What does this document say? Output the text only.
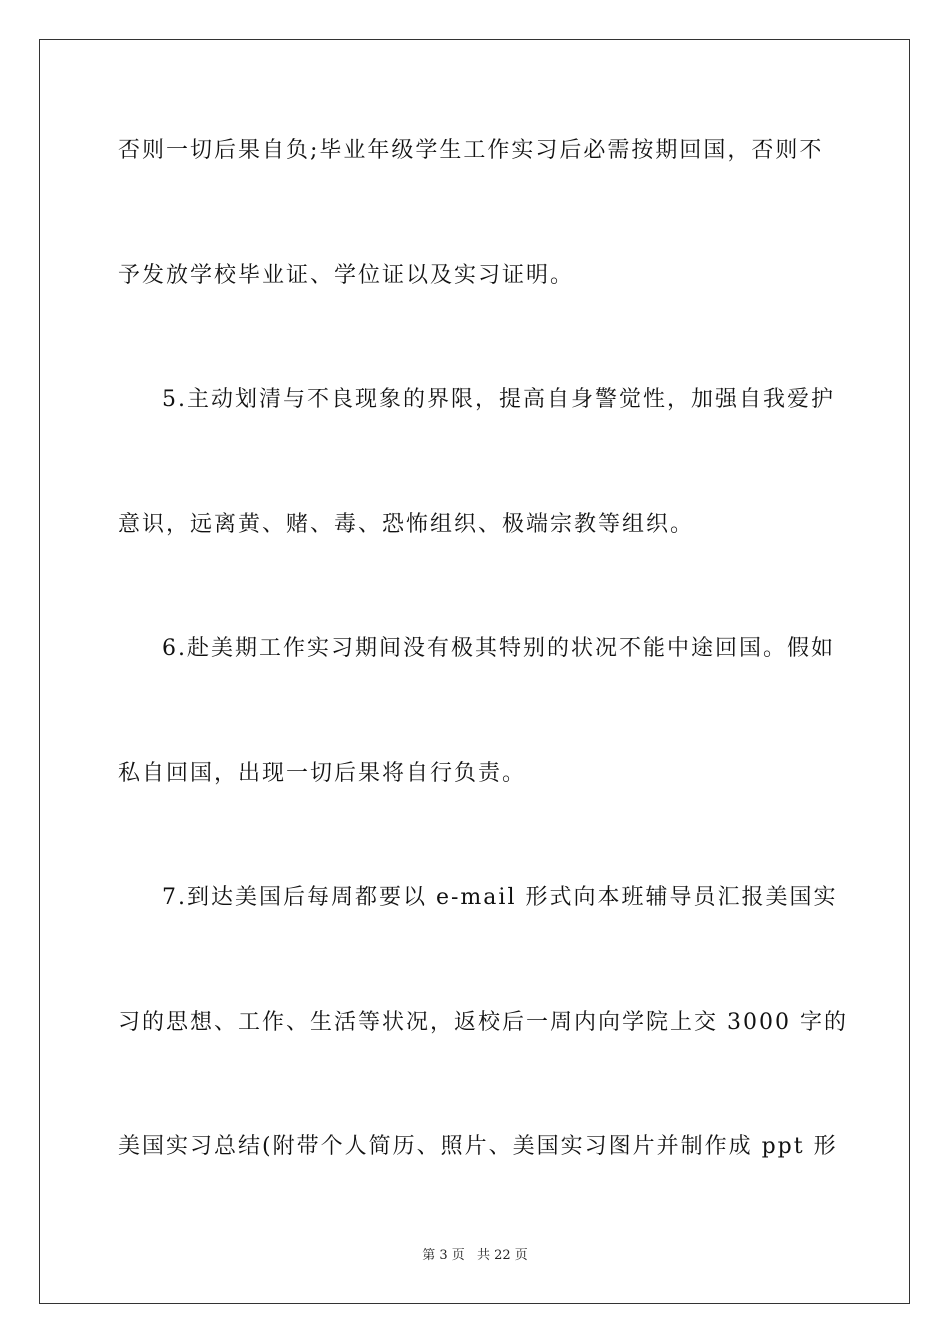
否则一切后果自负;毕业年级学生工作实习后必需按期回国，否则不
予发放学校毕业证、学位证以及实习证明。
5.主动划清与不良现象的界限，提高自身警觉性，加强自我爱护
意识，远离黄、赌、毒、恐怖组织、极端宗教等组织。
6.赴美期工作实习期间没有极其特别的状况不能中途回国。假如
私自回国，出现一切后果将自行负责。
7.到达美国后每周都要以 e-mail 形式向本班辅导员汇报美国实
习的思想、工作、生活等状况，返校后一周内向学院上交 3000 字的
美国实习总结(附带个人简历、照片、美国实习图片并制作成 ppt 形
第 3 页 共 22 页
